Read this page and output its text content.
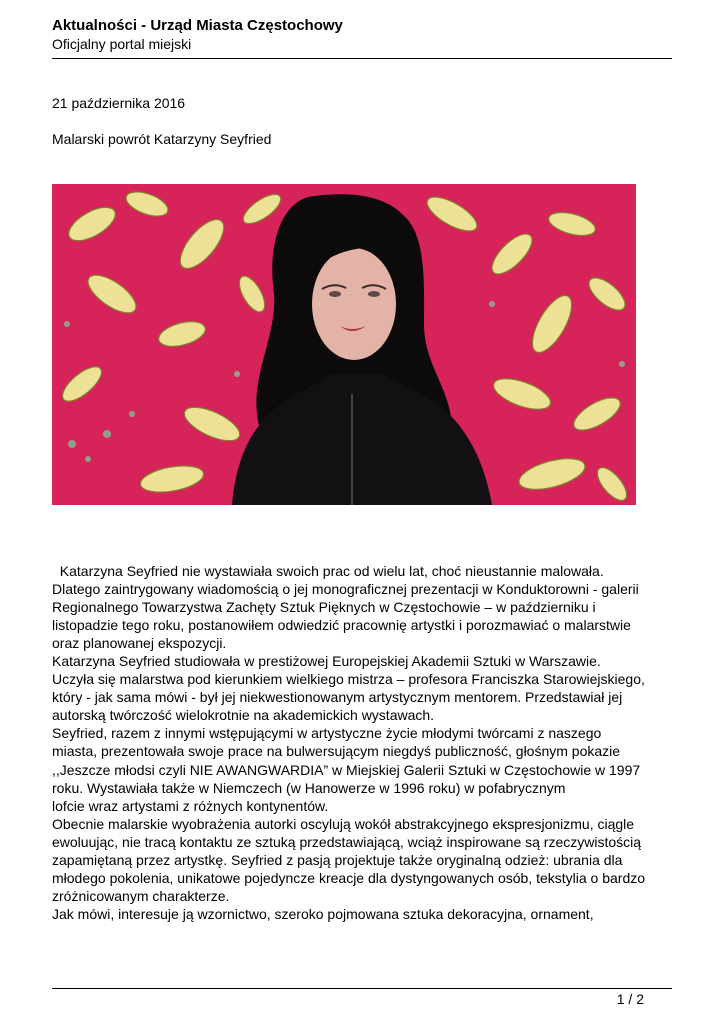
Aktualności - Urząd Miasta Częstochowy
Oficjalny portal miejski
21 października 2016
Malarski powrót Katarzyny Seyfried
Katarzyna Seyfried nie wystawiała swoich prac od wielu lat, choć nieustannie malowała.
Dlatego zaintrygowany wiadomością o jej monograficznej prezentacji w Konduktorowni - galerii
Regionalnego Towarzystwa Zachęty Sztuk Pięknych w Częstochowie – w październiku i
listopadzie tego roku, postanowiłem odwiedzić pracownię artystki i porozmawiać o malarstwie
oraz planowanej ekspozycji.
Katarzyna Seyfried studiowała w prestiżowej Europejskiej Akademii Sztuki w Warszawie.
Uczyła się malarstwa pod kierunkiem wielkiego mistrza – profesora Franciszka Starowiejskiego,
który - jak sama mówi - był jej niekwestionowanym artystycznym mentorem. Przedstawiał jej
autorską twórczość wielokrotnie na akademickich wystawach.
Seyfried, razem z innymi wstępującymi w artystyczne życie młodymi twórcami z naszego
miasta, prezentowała swoje prace na bulwersującym niegdyś publiczność, głośnym pokazie
,,Jeszcze młodsi czyli NIE AWANGWARDIA” w Miejskiej Galerii Sztuki w Częstochowie w 1997
roku. Wystawiała także w Niemczech (w Hanowerze w 1996 roku) w pofabrycznym
lofcie wraz artystami z różnych kontynentów.
Obecnie malarskie wyobrażenia autorki oscylują wokół abstrakcyjnego ekspresjonizmu, ciągle
ewoluując, nie tracą kontaktu ze sztuką przedstawiającą, wciąż inspirowane są rzeczywistością
zapamiętaną przez artystkę. Seyfried z pasją projektuje także oryginalną odzież: ubrania dla
młodego pokolenia, unikatowe pojedyncze kreacje dla dystyngowanych osób, tekstylia o bardzo
zróżnicowanym charakterze.
Jak mówi, interesuje ją wzornictwo, szeroko pojmowana sztuka dekoracyjna, ornament,
1 / 2
